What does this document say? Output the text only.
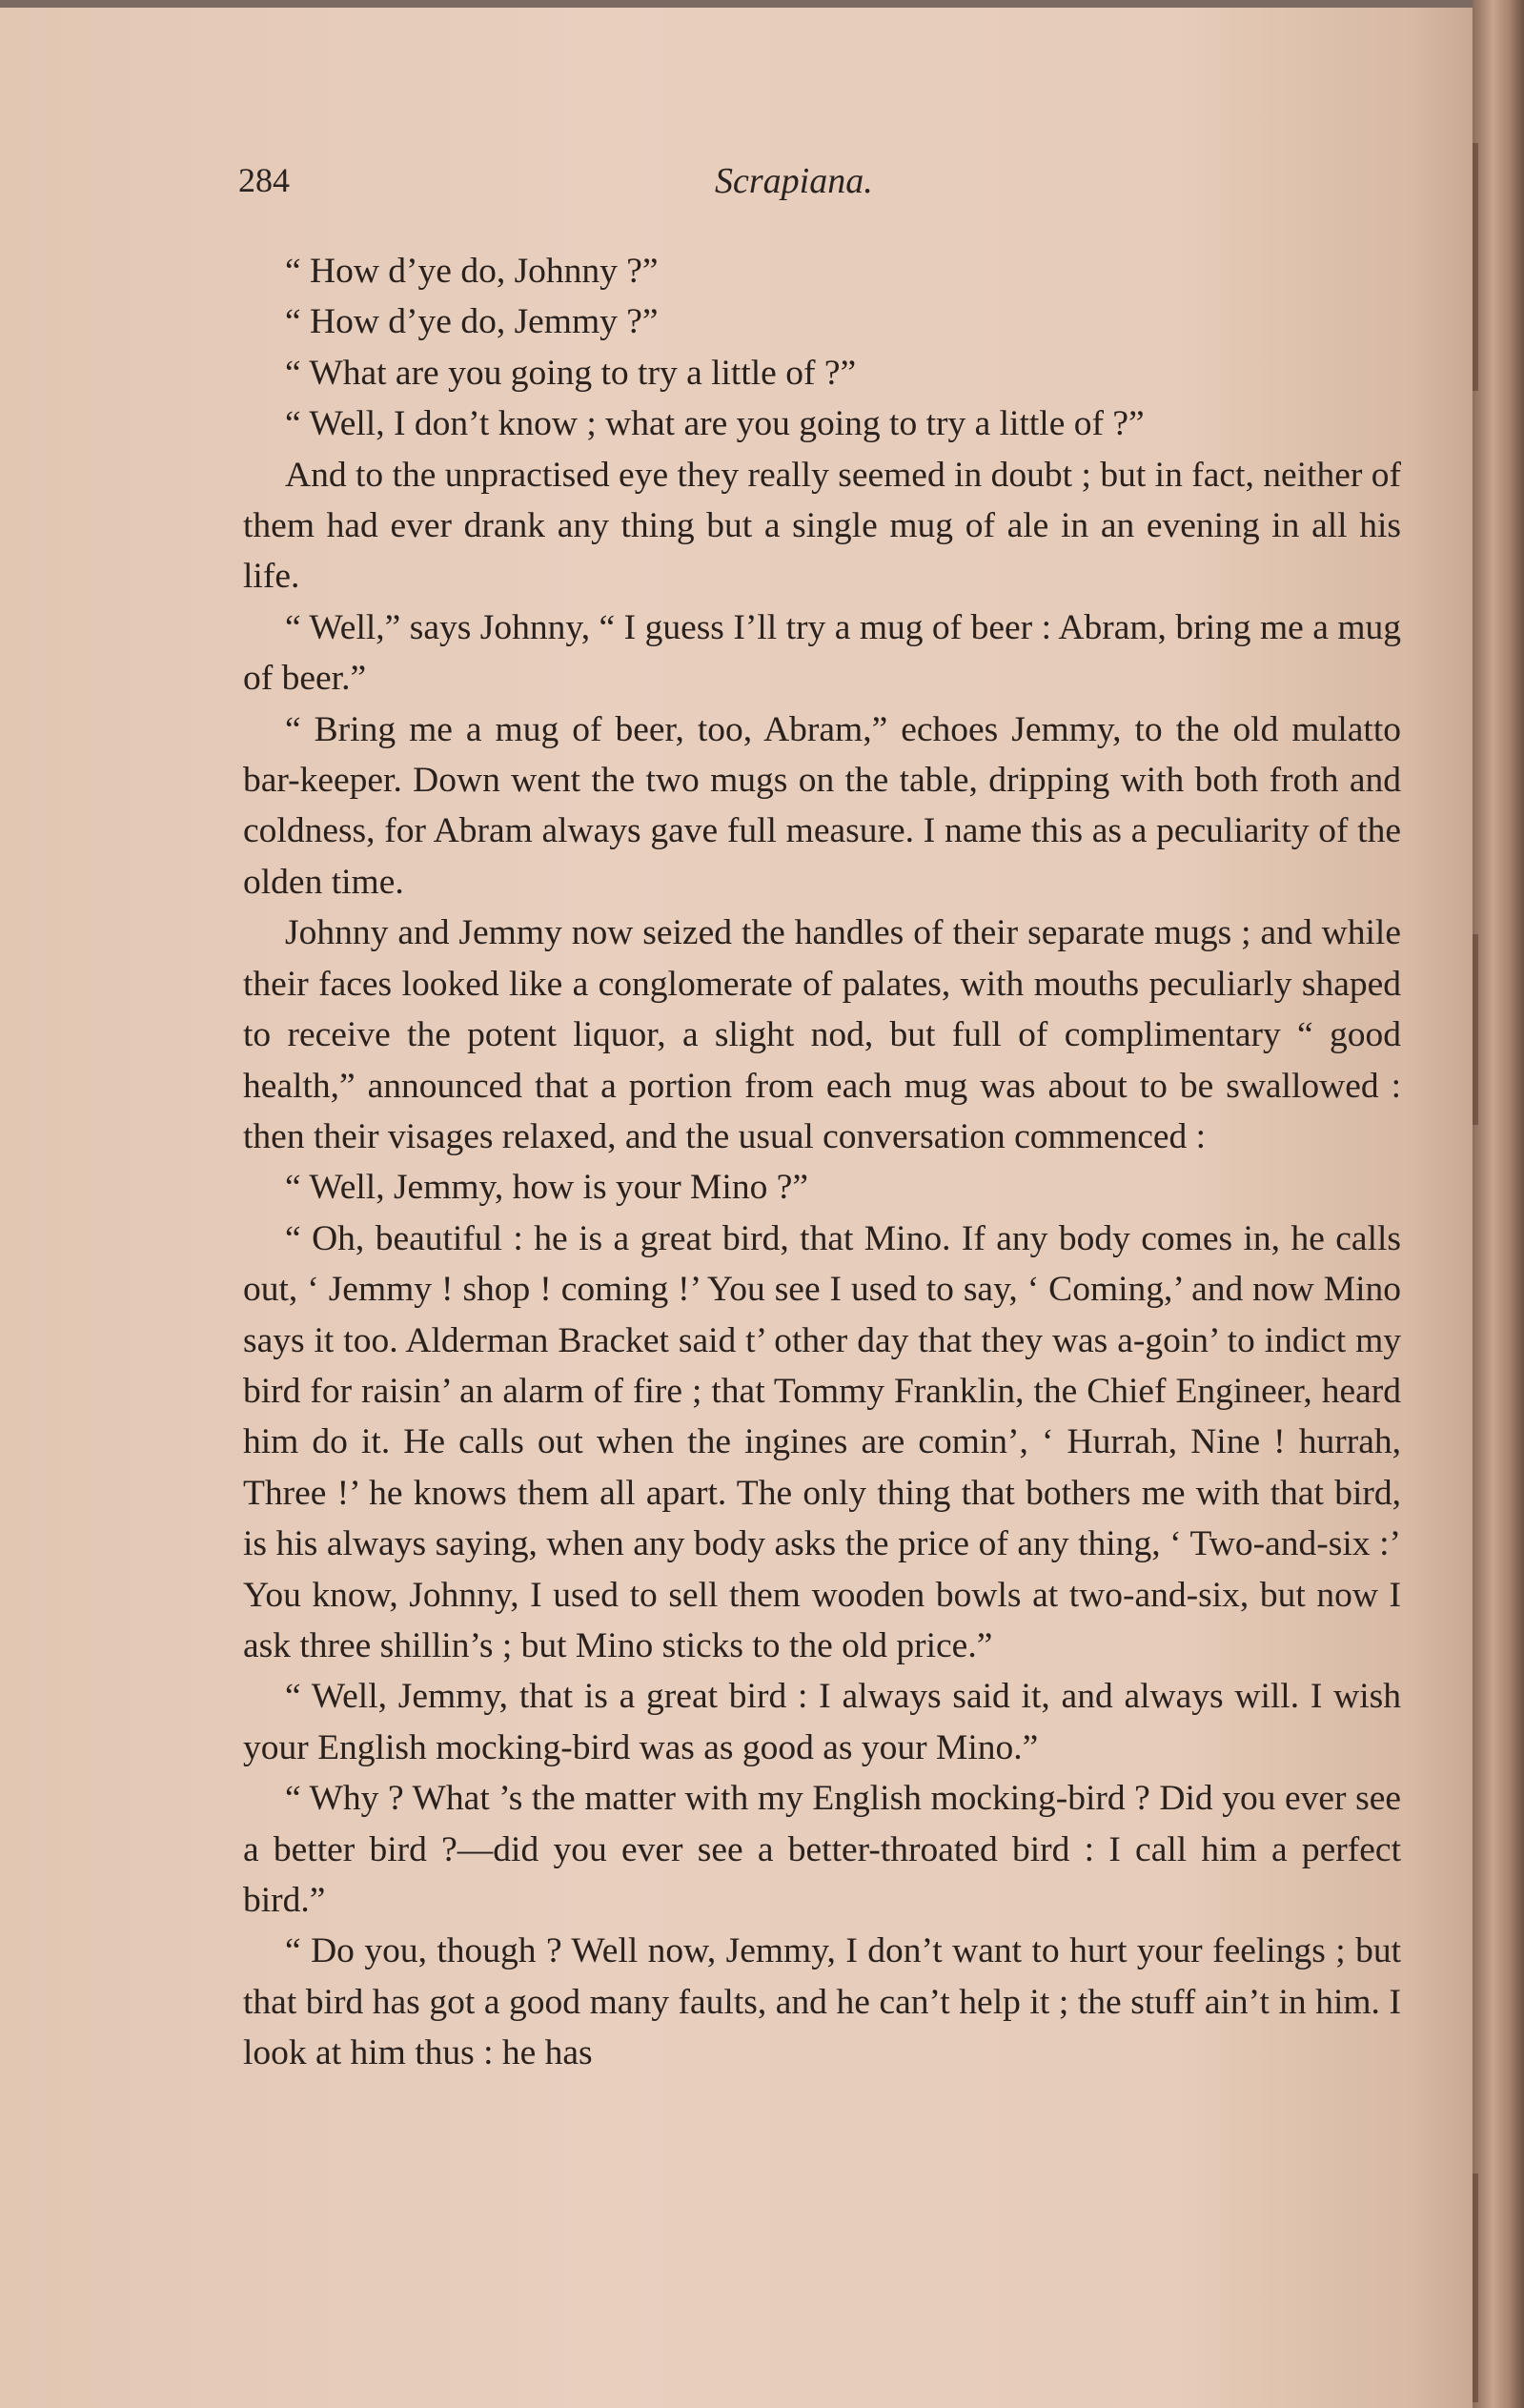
284	Scrapiana.

“ How d’ye do, Johnny ?”

“ How d’ye do, Jemmy ?”

“ What are you going to try a little of ?”

“ Well, I don’t know ; what are you going to try a little of ?”

And to the unpractised eye they really seemed in doubt ; but in fact, neither of them had ever drank any thing but a single mug of ale in an evening in all his life.

“ Well,” says Johnny, “ I guess I’ll try a mug of beer : Abram, bring me a mug of beer.”

“ Bring me a mug of beer, too, Abram,” echoes Jemmy, to the old mulatto bar-keeper. Down went the two mugs on the table, dripping with both froth and coldness, for Abram always gave full measure. I name this as a peculiarity of the olden time.

Johnny and Jemmy now seized the handles of their separate mugs ; and while their faces looked like a conglomerate of palates, with mouths peculiarly shaped to receive the potent liquor, a slight nod, but full of complimentary “ good health,” announced that a portion from each mug was about to be swallowed : then their visages relaxed, and the usual conversation commenced :

“ Well, Jemmy, how is your Mino ?”

“ Oh, beautiful : he is a great bird, that Mino. If any body comes in, he calls out, ‘ Jemmy ! shop ! coming !’ You see I used to say, ‘ Coming,’ and now Mino says it too. Alderman Bracket said t’ other day that they was a-goin’ to indict my bird for raisin’ an alarm of fire ; that Tommy Franklin, the Chief Engineer, heard him do it. He calls out when the ingines are comin’, ‘ Hurrah, Nine ! hurrah, Three !’ he knows them all apart. The only thing that bothers me with that bird, is his always saying, when any body asks the price of any thing, ‘ Two-and-six :’ You know, Johnny, I used to sell them wooden bowls at two-and-six, but now I ask three shillin’s ; but Mino sticks to the old price.”

“ Well, Jemmy, that is a great bird : I always said it, and always will. I wish your English mocking-bird was as good as your Mino.”

“ Why ? What ’s the matter with my English mocking-bird ? Did you ever see a better bird ?—did you ever see a better-throated bird : I call him a perfect bird.”

“ Do you, though ? Well now, Jemmy, I don’t want to hurt your feelings ; but that bird has got a good many faults, and he can’t help it ; the stuff ain’t in him. I look at him thus : he has
